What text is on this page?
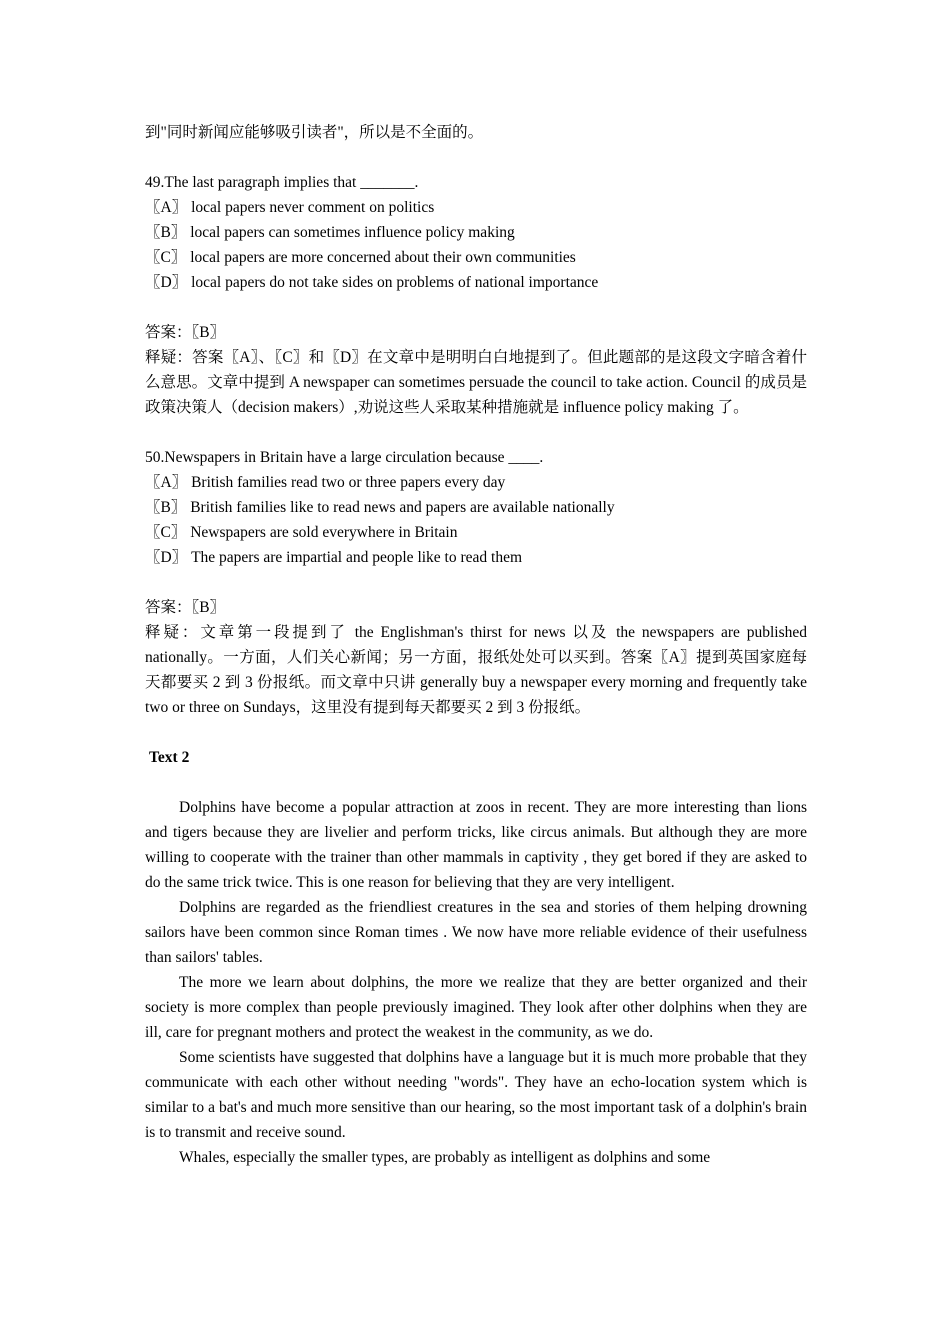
到"同时新闻应能够吸引读者"，所以是不全面的。
49.The last paragraph implies that _______.
〖A〗 local papers never comment on politics
〖B〗 local papers can sometimes influence policy making
〖C〗 local papers are more concerned about their own communities
〖D〗 local papers do not take sides on problems of national importance
答案：〖B〗
释疑：答案〖A〗、〖C〗和〖D〗在文章中是明明白白地提到了。但此题部的是这段文字暗含着什么意思。文章中提到 A newspaper can sometimes persuade the council to take action. Council 的成员是政策决策人（decision makers）,劝说这些人采取某种措施就是 influence policy making 了。
50.Newspapers in Britain have a large circulation because ____.
〖A〗 British families read two or three papers every day
〖B〗 British families like to read news and papers are available nationally
〖C〗 Newspapers are sold everywhere in Britain
〖D〗 The papers are impartial and people like to read them
答案：〖B〗
释疑：文章第一段提到了 the Englishman's thirst for news 以及 the newspapers are published nationally。一方面，人们关心新闻；另一方面，报纸处处可以买到。答案〖A〗提到英国家庭每天都要买 2 到 3 份报纸。而文章中只讲 generally buy a newspaper every morning and frequently take two or three on Sundays，这里没有提到每天都要买 2 到 3 份报纸。
Text 2
Dolphins have become a popular attraction at zoos in recent. They are more interesting than lions and tigers because they are livelier and perform tricks, like circus animals. But although they are more willing to cooperate with the trainer than other mammals in captivity , they get bored if they are asked to do the same trick twice. This is one reason for believing that they are very intelligent.
Dolphins are regarded as the friendliest creatures in the sea and stories of them helping drowning sailors have been common since Roman times . We now have more reliable evidence of their usefulness than sailors' tables.
The more we learn about dolphins, the more we realize that they are better organized and their society is more complex than people previously imagined. They look after other dolphins when they are ill, care for pregnant mothers and protect the weakest in the community, as we do.
Some scientists have suggested that dolphins have a language but it is much more probable that they communicate with each other without needing "words". They have an echo-location system which is similar to a bat's and much more sensitive than our hearing, so the most important task of a dolphin's brain is to transmit and receive sound.
Whales, especially the smaller types, are probably as intelligent as dolphins and some
